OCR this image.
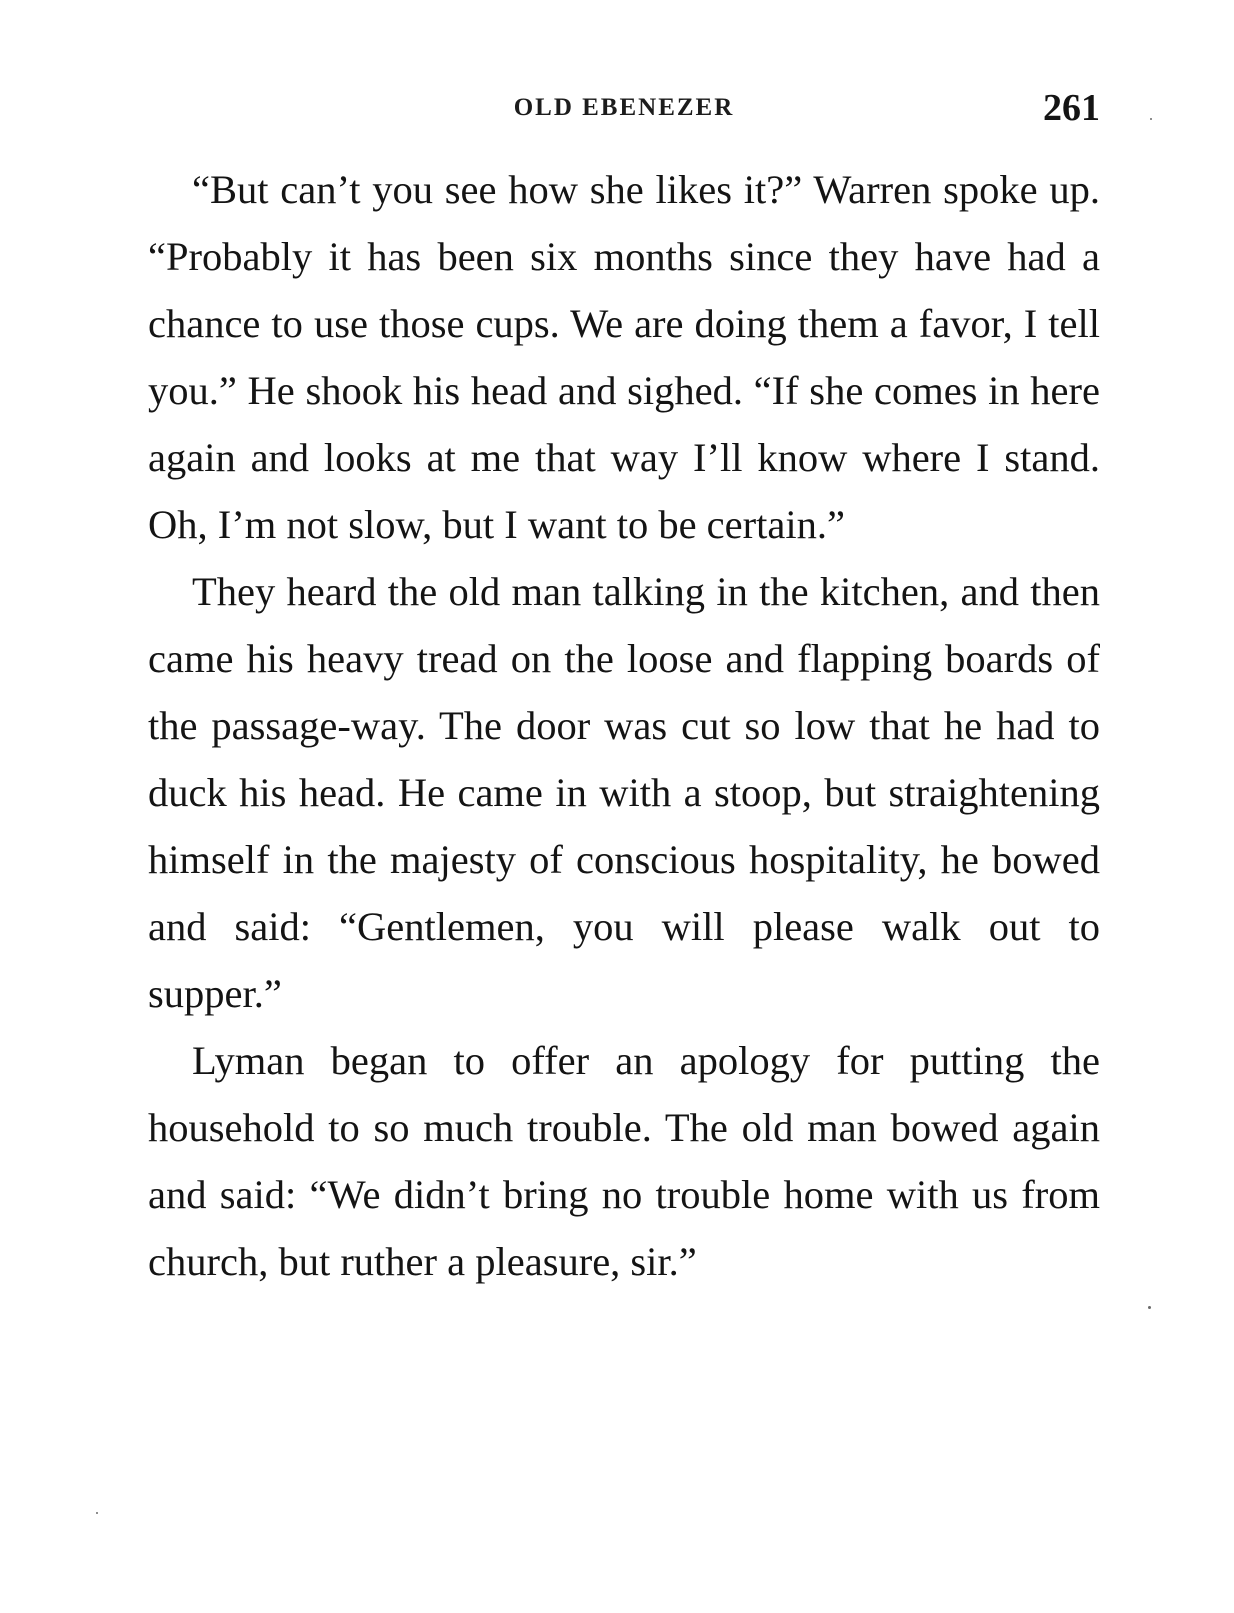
OLD EBENEZER	261

“But can’t you see how she likes it?” Warren spoke up. “Probably it has been six months since they have had a chance to use those cups. We are doing them a favor, I tell you.” He shook his head and sighed. “If she comes in here again and looks at me that way I’ll know where I stand. Oh, I’m not slow, but I want to be certain.”

They heard the old man talking in the kitchen, and then came his heavy tread on the loose and flapping boards of the passage-way. The door was cut so low that he had to duck his head. He came in with a stoop, but straightening himself in the majesty of conscious hospitality, he bowed and said: “Gentlemen, you will please walk out to supper.”

Lyman began to offer an apology for putting the household to so much trouble. The old man bowed again and said: “We didn’t bring no trouble home with us from church, but ruther a pleasure, sir.”
